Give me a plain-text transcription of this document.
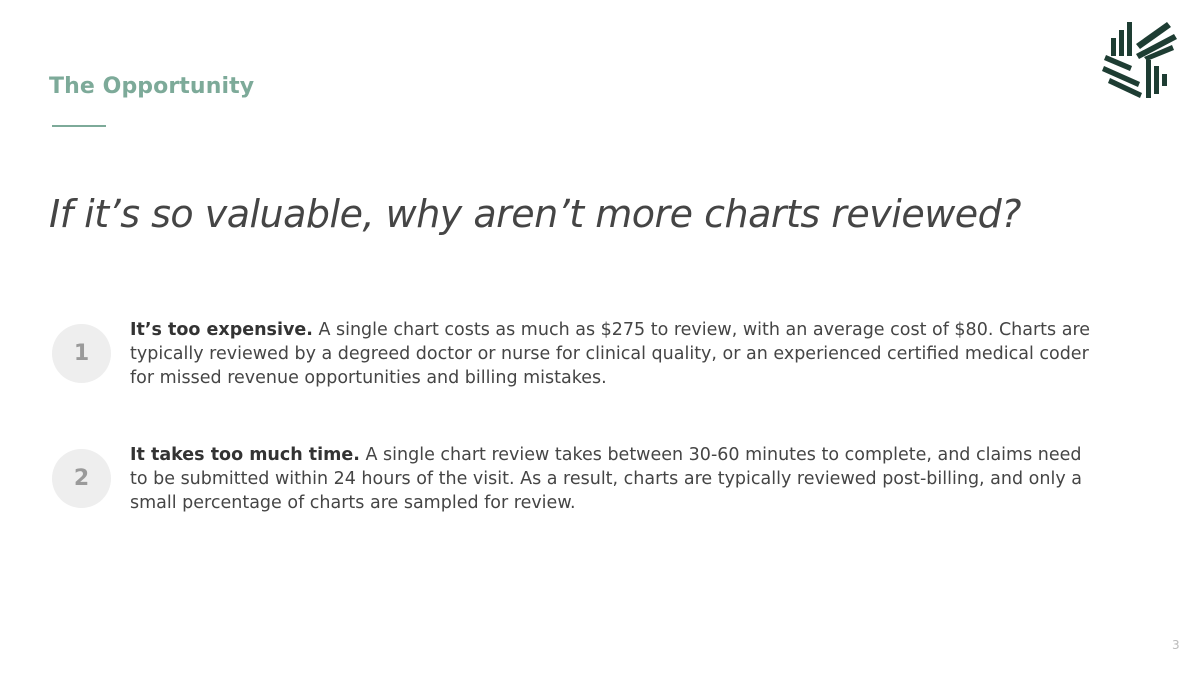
The Opportunity
If it’s so valuable, why aren’t more charts reviewed?
1
It’s too expensive. A single chart costs as much as $275 to review, with an average cost of $80. Charts are typically reviewed by a degreed doctor or nurse for clinical quality, or an experienced certified medical coder for missed revenue opportunities and billing mistakes.
2
It takes too much time. A single chart review takes between 30-60 minutes to complete, and claims need to be submitted within 24 hours of the visit. As a result, charts are typically reviewed post-billing, and only a small percentage of charts are sampled for review.
3
